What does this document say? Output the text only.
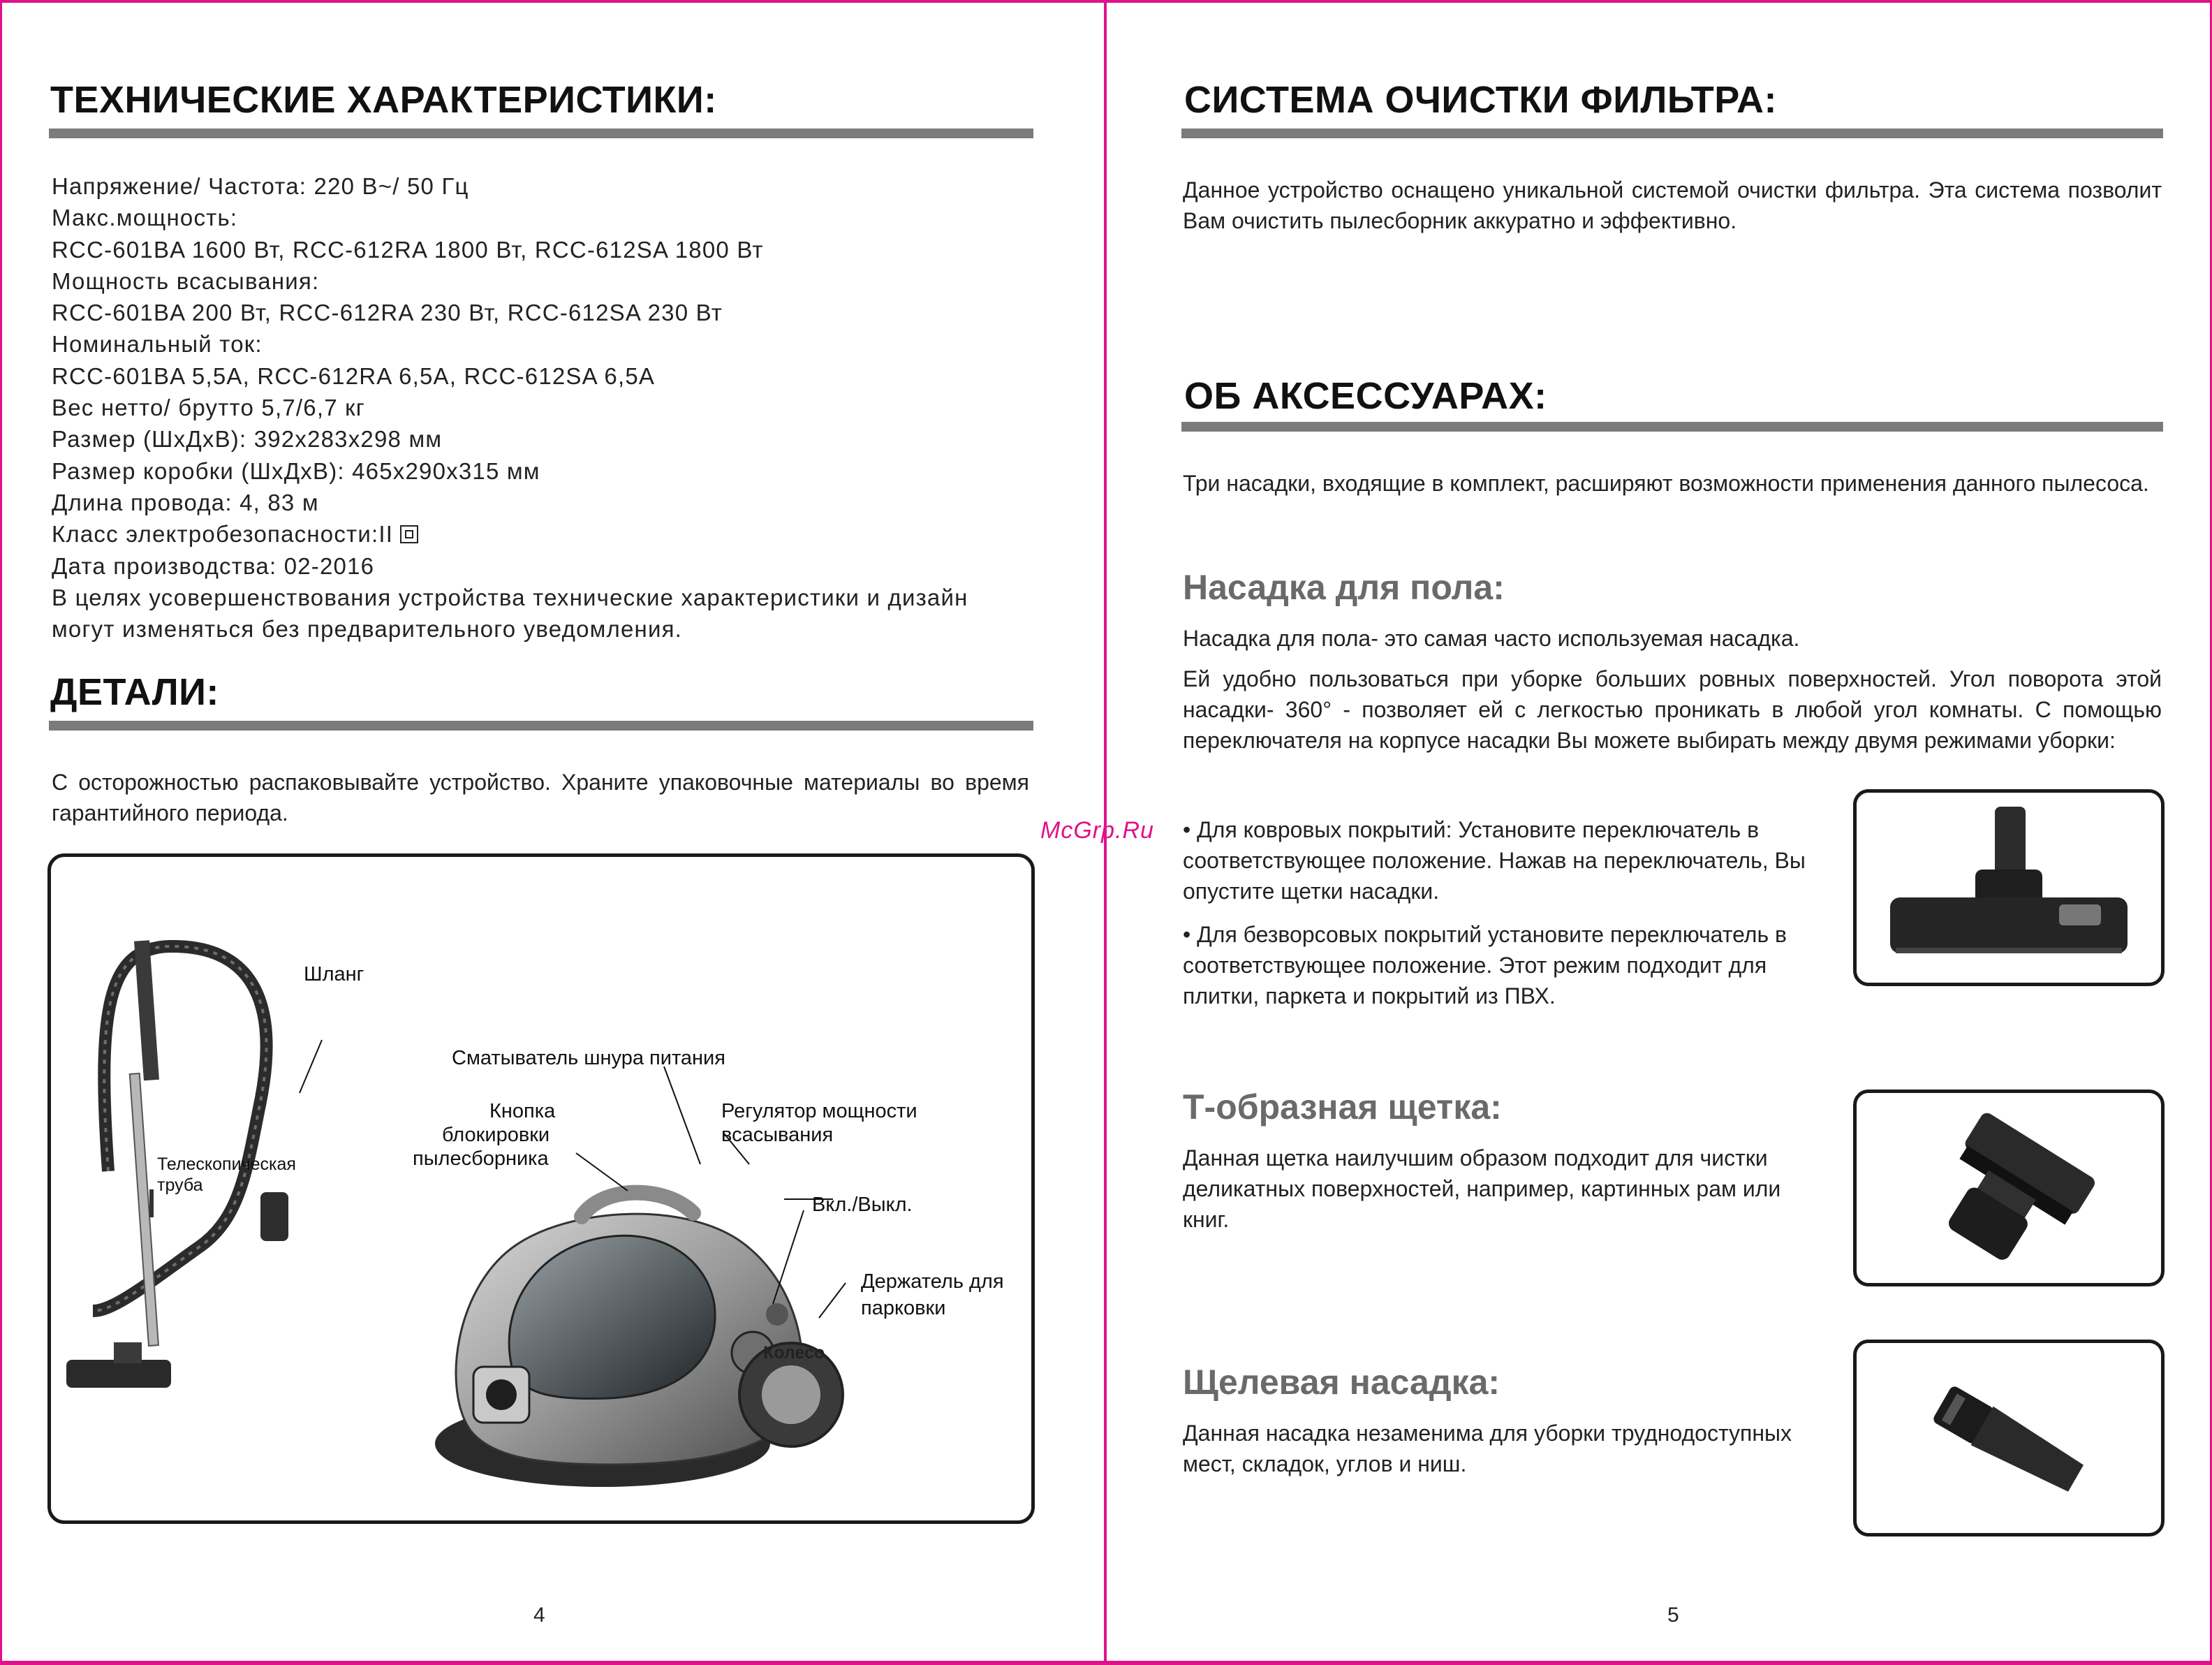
ТЕХНИЧЕСКИЕ ХАРАКТЕРИСТИКИ:
Напряжение/ Частота: 220 В~/ 50 Гц
Макс.мощность:
RCC-601BA 1600 Вт, RCC-612RA 1800 Вт, RCC-612SA 1800 Вт
Мощность всасывания:
RCC-601BA 200 Вт, RCC-612RA 230 Вт, RCC-612SA 230 Вт
Номинальный ток:
RCC-601BA 5,5A, RCC-612RA 6,5A, RCC-612SA 6,5A
Вес нетто/ брутто 5,7/6,7 кг
Размер (ШхДхВ): 392x283x298 мм
Размер коробки (ШхДхВ): 465x290x315 мм
Длина провода: 4, 83 м
Класс электробезопасности:II
Дата производства: 02-2016
В целях усовершенствования устройства технические характеристики и дизайн
могут изменяться без предварительного уведомления.
ДЕТАЛИ:

С осторожностью распаковывайте устройство. Храните упаковочные материалы во время гарантийного периода.

Шланг
Сматыватель шнура питания
Кнопка
блокировки
пылесборника
Регулятор мощности
всасывания
Телескопическая
труба
Вкл./Выкл.
Держатель для
парковки
Колесо
4
McGrp.Ru
СИСТЕМА ОЧИСТКИ ФИЛЬТРА:

Данное устройство оснащено уникальной системой очистки фильтра. Эта система позволит Вам очистить пылесборник аккуратно и эффективно.

ОБ АКСЕССУАРАХ:

Три насадки, входящие в комплект, расширяют возможности применения данного пылесоса.

Насадка для пола:

Насадка для пола- это самая часто используемая насадка.

Ей удобно пользоваться при уборке больших ровных поверхностей. Угол поворота этой насадки- 360° - позволяет ей с легкостью проникать в любой угол комнаты. С помощью переключателя на корпусе насадки Вы можете выбирать между двумя режимами уборки:

• Для ковровых покрытий: Установите переключатель в соответствующее положение. Нажав на переключатель, Вы опустите щетки насадки.
• Для безворсовых покрытий установите переключатель в соответствующее положение. Этот режим подходит для плитки, паркета и покрытий из ПВХ.
Т-образная щетка:

Данная щетка наилучшим образом подходит для чистки деликатных поверхностей, например, картинных рам или книг.

Щелевая насадка:

Данная насадка незаменима для уборки труднодоступных мест, складок, углов и ниш.

5
